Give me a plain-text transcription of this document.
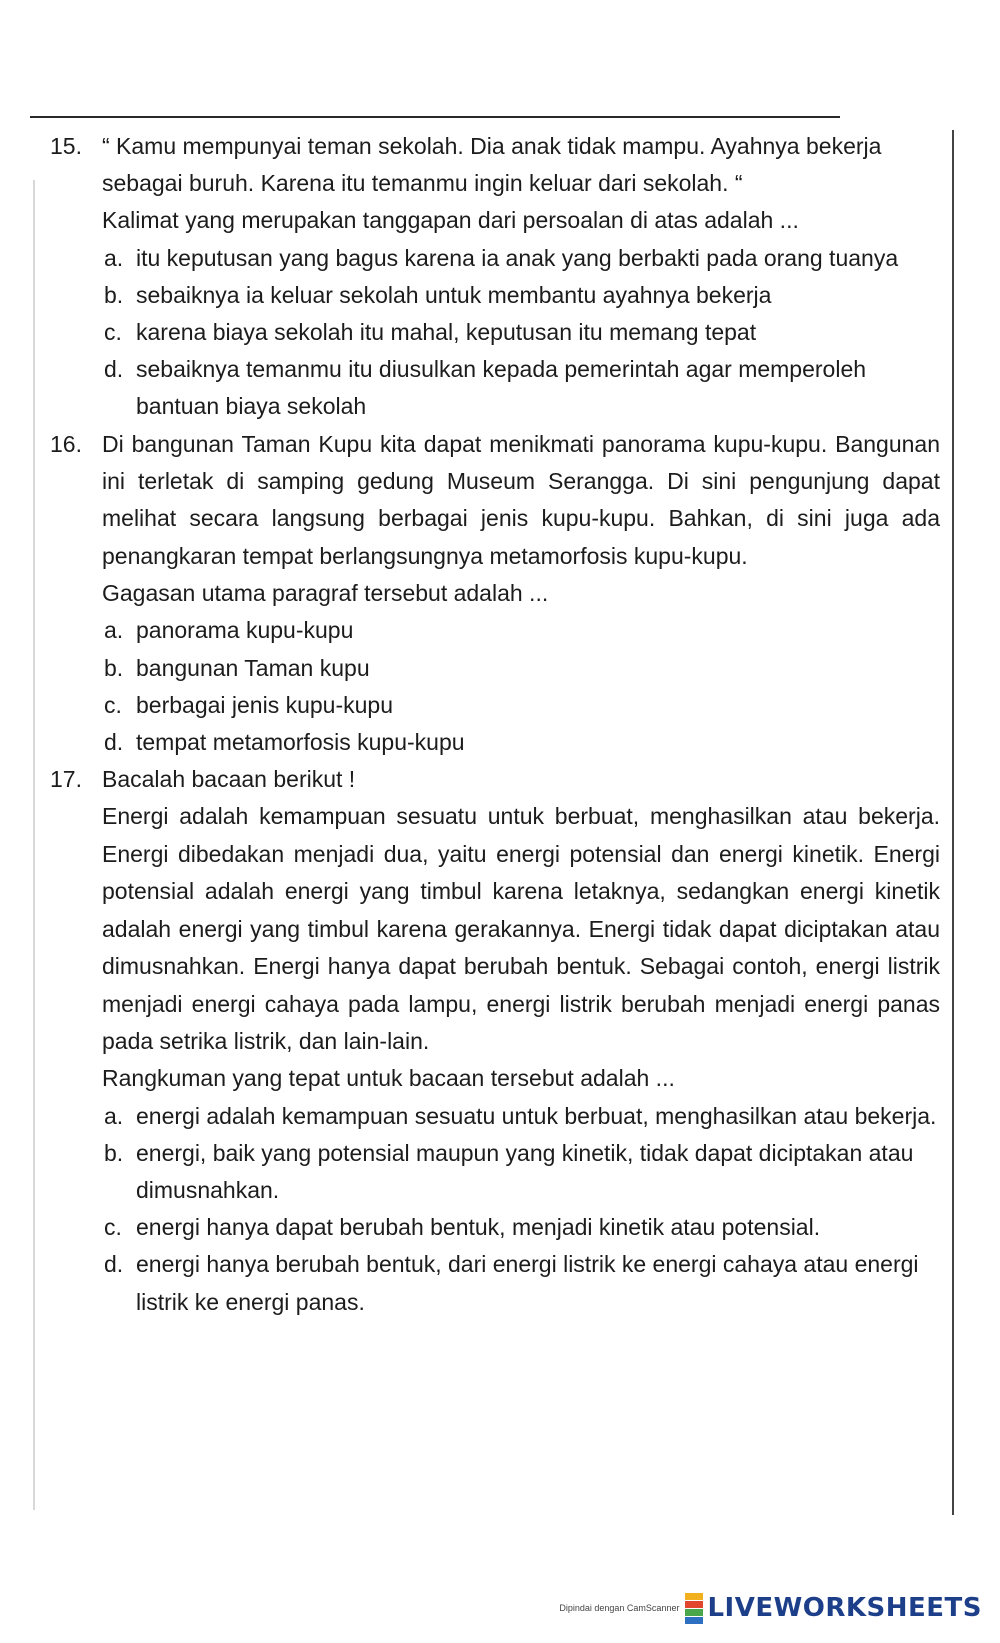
15. “ Kamu mempunyai teman sekolah. Dia anak tidak mampu. Ayahnya bekerja

sebagai buruh. Karena itu temanmu ingin keluar dari sekolah. “

Kalimat yang merupakan tanggapan dari persoalan di atas adalah ...

a. itu keputusan yang bagus karena ia anak yang berbakti pada orang tuanya
b. sebaiknya ia keluar sekolah untuk membantu ayahnya bekerja
c. karena biaya sekolah itu mahal, keputusan itu memang tepat
d. sebaiknya temanmu itu diusulkan kepada pemerintah agar memperoleh bantuan biaya sekolah
16. Di bangunan Taman Kupu kita dapat menikmati panorama kupu-kupu. Bangunan ini terletak di samping gedung Museum Serangga. Di sini pengunjung dapat melihat secara langsung berbagai jenis kupu-kupu. Bahkan, di sini juga ada penangkaran tempat berlangsungnya metamorfosis kupu-kupu.

Gagasan utama paragraf tersebut adalah ...

a. panorama kupu-kupu
b. bangunan Taman kupu
c. berbagai jenis kupu-kupu
d. tempat metamorfosis kupu-kupu
17. Bacalah bacaan berikut !

Energi adalah kemampuan sesuatu untuk berbuat, menghasilkan atau bekerja. Energi dibedakan menjadi dua, yaitu energi potensial dan energi kinetik. Energi potensial adalah energi yang timbul karena letaknya, sedangkan energi kinetik adalah energi yang timbul karena gerakannya. Energi tidak dapat diciptakan atau dimusnahkan. Energi hanya dapat berubah bentuk. Sebagai contoh, energi listrik menjadi energi cahaya pada lampu, energi listrik berubah menjadi energi panas pada setrika listrik, dan lain-lain.

Rangkuman yang tepat untuk bacaan tersebut adalah ...

a. energi adalah kemampuan sesuatu untuk berbuat, menghasilkan atau bekerja.
b. energi, baik yang potensial maupun yang kinetik, tidak dapat diciptakan atau dimusnahkan.
c. energi hanya dapat berubah bentuk, menjadi kinetik atau potensial.
d. energi hanya berubah bentuk, dari energi listrik ke energi cahaya atau energi listrik ke energi panas.
Dipindai dengan CamScanner LIVEWORKSHEETS
